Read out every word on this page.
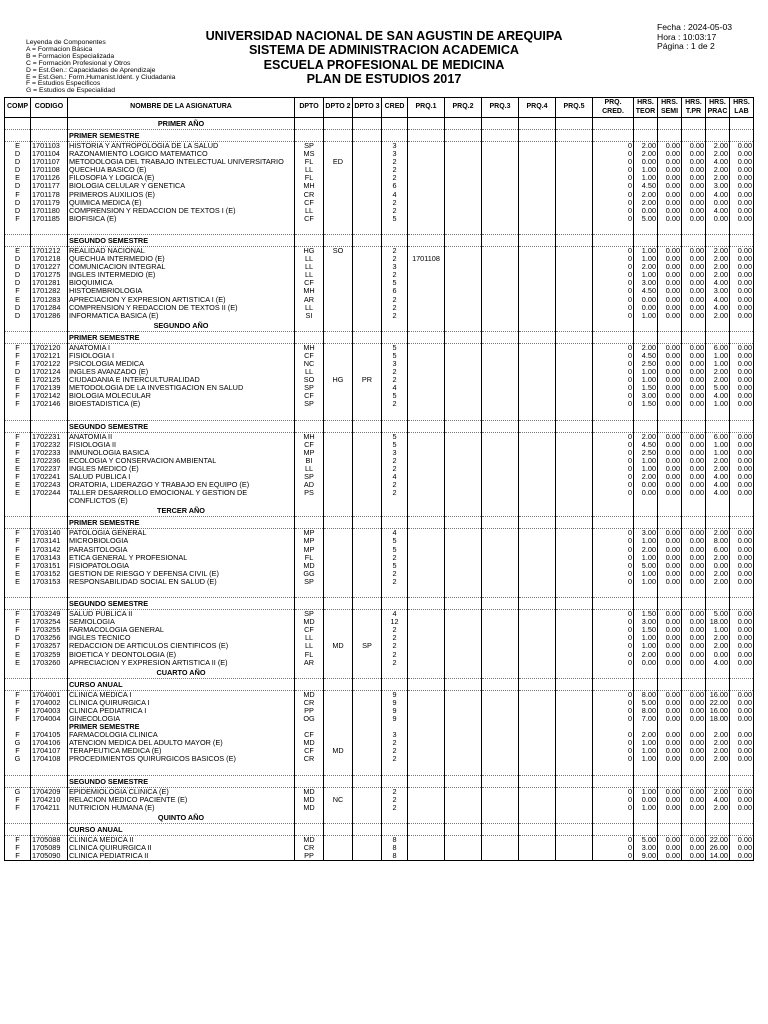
Leyenda de Componentes
A = Formacion Básica
B = Formacion Especializada
C = Formación Profesional y Otros
D = Est.Gen.: Capacidades de Aprendizaje
E = Est.Gen.: Form.Humanist.Ident. y Ciudadania
F = Estudios Especificos
G = Estudios de Especialidad
UNIVERSIDAD NACIONAL DE SAN AGUSTIN DE AREQUIPA
SISTEMA DE ADMINISTRACION ACADEMICA
ESCUELA PROFESIONAL DE MEDICINA
PLAN DE ESTUDIOS 2017
Fecha : 2024-05-03
Hora : 10:03:17
Página : 1 de 2
COMP	CODIGO	NOMBRE DE LA ASIGNATURA	DPTO	DPTO 2	DPTO 3	CRED	PRQ.1	PRQ.2	PRQ.3	PRQ.4	PRQ.5	PRQ. CRED.	HRS. TEOR	HRS. SEMI	HRS. T.PR	HRS. PRAC	HRS. LAB
		PRIMER AÑO															
		PRIMER SEMESTRE															
E	1701103	HISTORIA Y ANTROPOLOGIA DE LA SALUD	SP			3						0	2.00	0.00	0.00	2.00	0.00
D	1701104	RAZONAMIENTO LOGICO MATEMATICO	MS			3						0	2.00	0.00	0.00	2.00	0.00
D	1701107	METODOLOGIA DEL TRABAJO INTELECTUAL UNIVERSITARIO	FL	ED		2						0	0.00	0.00	0.00	4.00	0.00
D	1701108	QUECHUA BASICO (E)	LL			2						0	1.00	0.00	0.00	2.00	0.00
E	1701126	FILOSOFIA Y LOGICA (E)	FL			2						0	1.00	0.00	0.00	2.00	0.00
D	1701177	BIOLOGIA CELULAR Y GENETICA	MH			6						0	4.50	0.00	0.00	3.00	0.00
F	1701178	PRIMEROS AUXILIOS (E)	CR			4						0	2.00	0.00	0.00	4.00	0.00
D	1701179	QUIMICA MEDICA (E)	CF			2						0	2.00	0.00	0.00	0.00	0.00
D	1701180	COMPRENSION Y REDACCION DE TEXTOS I (E)	LL			2						0	0.00	0.00	0.00	4.00	0.00
F	1701185	BIOFISICA (E)	CF			5						0	5.00	0.00	0.00	0.00	0.00

		SEGUNDO SEMESTRE															
E	1701212	REALIDAD NACIONAL	HG	SO		2						0	1.00	0.00	0.00	2.00	0.00
D	1701218	QUECHUA INTERMEDIO (E)	LL			2	1701108					0	1.00	0.00	0.00	2.00	0.00
D	1701227	COMUNICACION INTEGRAL	LL			3						0	2.00	0.00	0.00	2.00	0.00
D	1701275	INGLES INTERMEDIO (E)	LL			2						0	1.00	0.00	0.00	2.00	0.00
D	1701281	BIOQUIMICA	CF			5						0	3.00	0.00	0.00	4.00	0.00
F	1701282	HISTOEMBRIOLOGIA	MH			6						0	4.50	0.00	0.00	3.00	0.00
E	1701283	APRECIACION Y EXPRESION ARTISTICA I (E)	AR			2						0	0.00	0.00	0.00	4.00	0.00
D	1701284	COMPRENSION Y REDACCION DE TEXTOS II (E)	LL			2						0	0.00	0.00	0.00	4.00	0.00
D	1701286	INFORMATICA BASICA (E)	SI			2						0	1.00	0.00	0.00	2.00	0.00
		SEGUNDO AÑO															
		PRIMER SEMESTRE															
F	1702120	ANATOMIA I	MH			5						0	2.00	0.00	0.00	6.00	0.00
F	1702121	FISIOLOGIA I	CF			5						0	4.50	0.00	0.00	1.00	0.00
F	1702122	PSICOLOGIA MEDICA	NC			3						0	2.50	0.00	0.00	1.00	0.00
D	1702124	INGLES AVANZADO (E)	LL			2						0	1.00	0.00	0.00	2.00	0.00
E	1702125	CIUDADANIA E INTERCULTURALIDAD	SO	HG	PR	2						0	1.00	0.00	0.00	2.00	0.00
F	1702139	METODOLOGIA DE LA INVESTIGACION EN SALUD	SP			4						0	1.50	0.00	0.00	5.00	0.00
F	1702142	BIOLOGIA MOLECULAR	CF			5						0	3.00	0.00	0.00	4.00	0.00
F	1702146	BIOESTADISTICA (E)	SP			2						0	1.50	0.00	0.00	1.00	0.00

		SEGUNDO SEMESTRE															
F	1702231	ANATOMIA II	MH			5						0	2.00	0.00	0.00	6.00	0.00
F	1702232	FISIOLOGIA II	CF			5						0	4.50	0.00	0.00	1.00	0.00
F	1702233	INMUNOLOGIA BASICA	MP			3						0	2.50	0.00	0.00	1.00	0.00
E	1702236	ECOLOGIA Y CONSERVACION AMBIENTAL	BI			2						0	1.00	0.00	0.00	2.00	0.00
E	1702237	INGLES MEDICO (E)	LL			2						0	1.00	0.00	0.00	2.00	0.00
F	1702241	SALUD PUBLICA I	SP			4						0	2.00	0.00	0.00	4.00	0.00
E	1702243	ORATORIA, LIDERAZGO Y TRABAJO EN EQUIPO (E)	AD			2						0	0.00	0.00	0.00	4.00	0.00
E	1702244	TALLER DESARROLLO EMOCIONAL Y GESTION DE CONFLICTOS (E)	PS			2						0	0.00	0.00	0.00	4.00	0.00
		TERCER AÑO															
		PRIMER SEMESTRE															
F	1703140	PATOLOGIA GENERAL	MP			4						0	3.00	0.00	0.00	2.00	0.00
F	1703141	MICROBIOLOGIA	MP			5						0	1.00	0.00	0.00	8.00	0.00
F	1703142	PARASITOLOGIA	MP			5						0	2.00	0.00	0.00	6.00	0.00
E	1703143	ETICA GENERAL Y PROFESIONAL	FL			2						0	1.00	0.00	0.00	2.00	0.00
F	1703151	FISIOPATOLOGIA	MD			5						0	5.00	0.00	0.00	0.00	0.00
E	1703152	GESTION DE RIESGO Y DEFENSA CIVIL (E)	GG			2						0	1.00	0.00	0.00	2.00	0.00
E	1703153	RESPONSABILIDAD SOCIAL EN SALUD (E)	SP			2						0	1.00	0.00	0.00	2.00	0.00

		SEGUNDO SEMESTRE															
F	1703249	SALUD PUBLICA II	SP			4						0	1.50	0.00	0.00	5.00	0.00
F	1703254	SEMIOLOGIA	MD			12						0	3.00	0.00	0.00	18.00	0.00
F	1703255	FARMACOLOGIA GENERAL	CF			2						0	1.50	0.00	0.00	1.00	0.00
D	1703256	INGLES TECNICO	LL			2						0	1.00	0.00	0.00	2.00	0.00
F	1703257	REDACCION DE ARTICULOS CIENTIFICOS (E)	LL	MD	SP	2						0	1.00	0.00	0.00	2.00	0.00
E	1703259	BIOETICA Y DEONTOLOGIA (E)	FL			2						0	2.00	0.00	0.00	0.00	0.00
E	1703260	APRECIACION Y EXPRESION ARTISTICA II (E)	AR			2						0	0.00	0.00	0.00	4.00	0.00
		CUARTO AÑO															
		CURSO ANUAL															
F	1704001	CLINICA MEDICA I	MD			9						0	8.00	0.00	0.00	16.00	0.00
F	1704002	CLINICA QUIRURGICA I	CR			9						0	5.00	0.00	0.00	22.00	0.00
F	1704003	CLINICA PEDIATRICA I	PP			9						0	8.00	0.00	0.00	16.00	0.00
F	1704004	GINECOLOGIA	OG			9						0	7.00	0.00	0.00	18.00	0.00
		PRIMER SEMESTRE															
F	1704105	FARMACOLOGIA CLINICA	CF			3						0	2.00	0.00	0.00	2.00	0.00
G	1704106	ATENCION MEDICA DEL ADULTO MAYOR (E)	MD			2						0	1.00	0.00	0.00	2.00	0.00
F	1704107	TERAPEUTICA MEDICA (E)	CF	MD		2						0	1.00	0.00	0.00	2.00	0.00
G	1704108	PROCEDIMIENTOS QUIRURGICOS BASICOS (E)	CR			2						0	1.00	0.00	0.00	2.00	0.00

		SEGUNDO SEMESTRE															
G	1704209	EPIDEMIOLOGIA CLINICA (E)	MD			2						0	1.00	0.00	0.00	2.00	0.00
F	1704210	RELACION MEDICO PACIENTE (E)	MD	NC		2						0	0.00	0.00	0.00	4.00	0.00
F	1704211	NUTRICION HUMANA (E)	MD			2						0	1.00	0.00	0.00	2.00	0.00
		QUINTO AÑO															
		CURSO ANUAL															
F	1705088	CLINICA MEDICA II	MD			8						0	5.00	0.00	0.00	22.00	0.00
F	1705089	CLINICA QUIRURGICA II	CR			8						0	3.00	0.00	0.00	26.00	0.00
F	1705090	CLINICA PEDIATRICA II	PP			8						0	9.00	0.00	0.00	14.00	0.00
